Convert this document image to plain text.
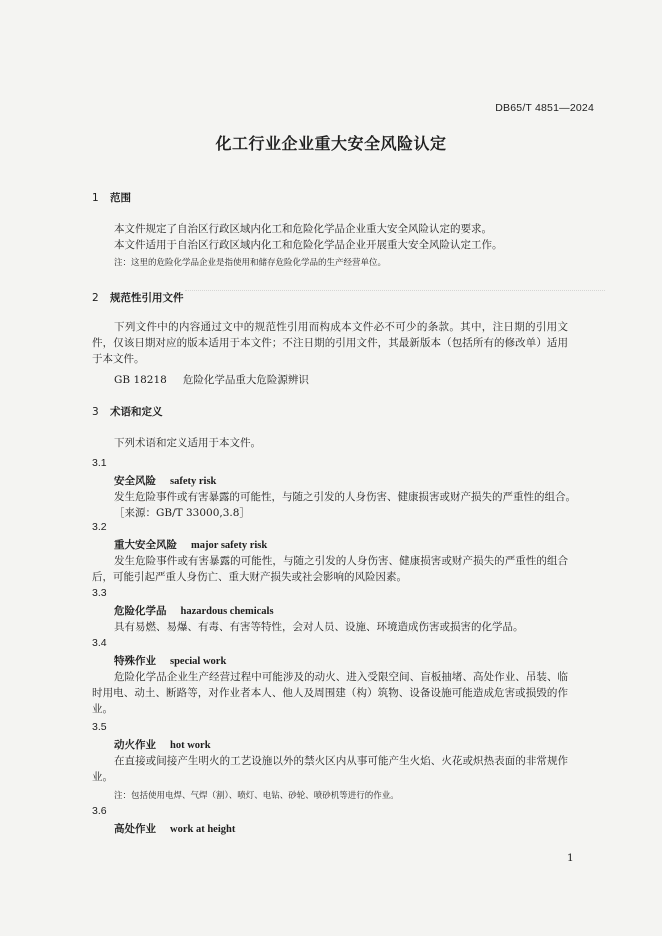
DB65/T 4851—2024
化工行业企业重大安全风险认定
1 范围
本文件规定了自治区行政区域内化工和危险化学品企业重大安全风险认定的要求。
本文件适用于自治区行政区域内化工和危险化学品企业开展重大安全风险认定工作。
注：这里的危险化学品企业是指使用和储存危险化学品的生产经营单位。
2 规范性引用文件
下列文件中的内容通过文中的规范性引用而构成本文件必不可少的条款。其中，注日期的引用文件，仅该日期对应的版本适用于本文件；不注日期的引用文件，其最新版本（包括所有的修改单）适用于本文件。
GB 18218 危险化学品重大危险源辨识
3 术语和定义
下列术语和定义适用于本文件。
3.1
安全风险 safety risk
发生危险事件或有害暴露的可能性，与随之引发的人身伤害、健康损害或财产损失的严重性的组合。
［来源：GB/T 33000,3.8］
3.2
重大安全风险 major safety risk
发生危险事件或有害暴露的可能性，与随之引发的人身伤害、健康损害或财产损失的严重性的组合后，可能引起严重人身伤亡、重大财产损失或社会影响的风险因素。
3.3
危险化学品 hazardous chemicals
具有易燃、易爆、有毒、有害等特性，会对人员、设施、环境造成伤害或损害的化学品。
3.4
特殊作业 special work
危险化学品企业生产经营过程中可能涉及的动火、进入受限空间、盲板抽堵、高处作业、吊装、临时用电、动土、断路等，对作业者本人、他人及周围建（构）筑物、设备设施可能造成危害或损毁的作业。
3.5
动火作业 hot work
在直接或间接产生明火的工艺设施以外的禁火区内从事可能产生火焰、火花或炽热表面的非常规作业。
注：包括使用电焊、气焊（割）、喷灯、电钻、砂轮、喷砂机等进行的作业。
3.6
高处作业 work at height
1
